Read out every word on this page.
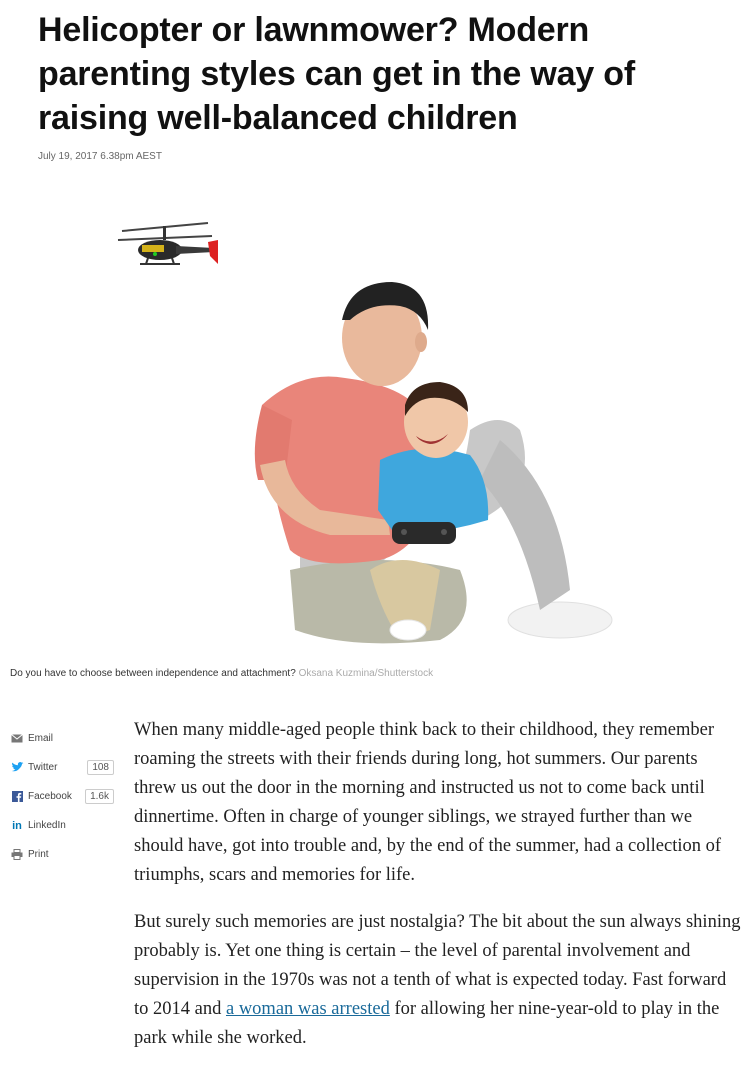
Helicopter or lawnmower? Modern parenting styles can get in the way of raising well-balanced children
July 19, 2017 6.38pm AEST
Do you have to choose between independence and attachment? Oksana Kuzmina/Shutterstock
Email
Twitter	108
Facebook	1.6k
in LinkedIn
Print

When many middle-aged people think back to their childhood, they remember roaming the streets with their friends during long, hot summers. Our parents threw us out the door in the morning and instructed us not to come back until dinnertime. Often in charge of younger siblings, we strayed further than we should have, got into trouble and, by the end of the summer, had a collection of triumphs, scars and memories for life.

But surely such memories are just nostalgia? The bit about the sun always shining probably is. Yet one thing is certain – the level of parental involvement and supervision in the 1970s was not a tenth of what is expected today. Fast forward to 2014 and a woman was arrested for allowing her nine-year-old to play in the park while she worked.
